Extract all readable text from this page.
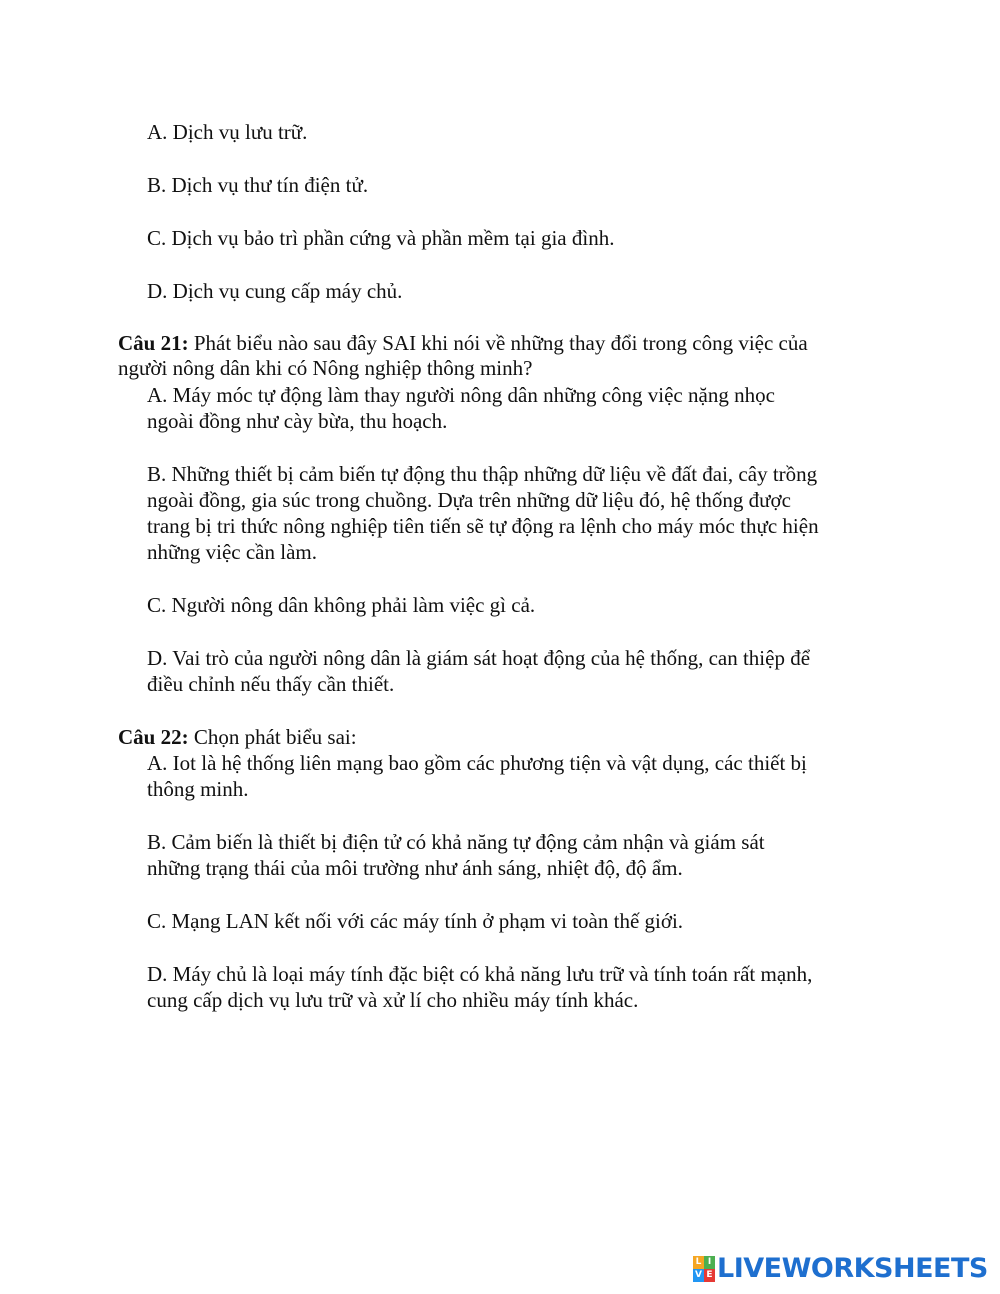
A. Dịch vụ lưu trữ.
B. Dịch vụ thư tín điện tử.
C. Dịch vụ bảo trì phần cứng và phần mềm tại gia đình.
D. Dịch vụ cung cấp máy chủ.
Câu 21: Phát biểu nào sau đây SAI khi nói về những thay đổi trong công việc của
người nông dân khi có Nông nghiệp thông minh?
A. Máy móc tự động làm thay người nông dân những công việc nặng nhọc
ngoài đồng như cày bừa, thu hoạch.
B. Những thiết bị cảm biến tự động thu thập những dữ liệu về đất đai, cây trồng
ngoài đồng, gia súc trong chuồng. Dựa trên những dữ liệu đó, hệ thống được
trang bị tri thức nông nghiệp tiên tiến sẽ tự động ra lệnh cho máy móc thực hiện
những việc cần làm.
C. Người nông dân không phải làm việc gì cả.
D. Vai trò của người nông dân là giám sát hoạt động của hệ thống, can thiệp để
điều chỉnh nếu thấy cần thiết.
Câu 22: Chọn phát biểu sai:
A. Iot là hệ thống liên mạng bao gồm các phương tiện và vật dụng, các thiết bị
thông minh.
B. Cảm biến là thiết bị điện tử có khả năng tự động cảm nhận và giám sát
những trạng thái của môi trường như ánh sáng, nhiệt độ, độ ẩm.
C. Mạng LAN kết nối với các máy tính ở phạm vi toàn thế giới.
D. Máy chủ là loại máy tính đặc biệt có khả năng lưu trữ và tính toán rất mạnh,
cung cấp dịch vụ lưu trữ và xử lí cho nhiều máy tính khác.
L I
V E LIVEWORKSHEETS
